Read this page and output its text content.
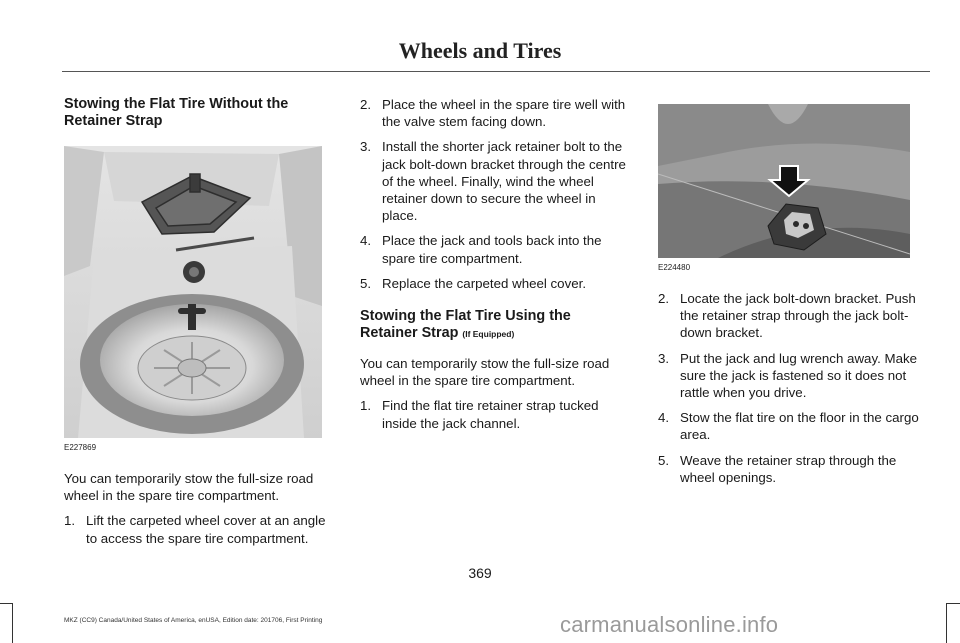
Wheels and Tires
Stowing the Flat Tire Without the Retainer Strap
E227869

You can temporarily stow the full-size road wheel in the spare tire compartment.

1. Lift the carpeted wheel cover at an angle to access the spare tire compartment.
2. Place the wheel in the spare tire well with the valve stem facing down.
3. Install the shorter jack retainer bolt to the jack bolt-down bracket through the centre of the wheel. Finally, wind the wheel retainer down to secure the wheel in place.
4. Place the jack and tools back into the spare tire compartment.
5. Replace the carpeted wheel cover.
Stowing the Flat Tire Using the Retainer Strap (If Equipped)

You can temporarily stow the full-size road wheel in the spare tire compartment.

1. Find the flat tire retainer strap tucked inside the jack channel.
E224480
2. Locate the jack bolt-down bracket. Push the retainer strap through the jack bolt-down bracket.
3. Put the jack and lug wrench away. Make sure the jack is fastened so it does not rattle when you drive.
4. Stow the flat tire on the floor in the cargo area.
5. Weave the retainer strap through the wheel openings.
369
MKZ (CC9) Canada/United States of America, enUSA, Edition date: 201706, First Printing	carmanualsonline.info
